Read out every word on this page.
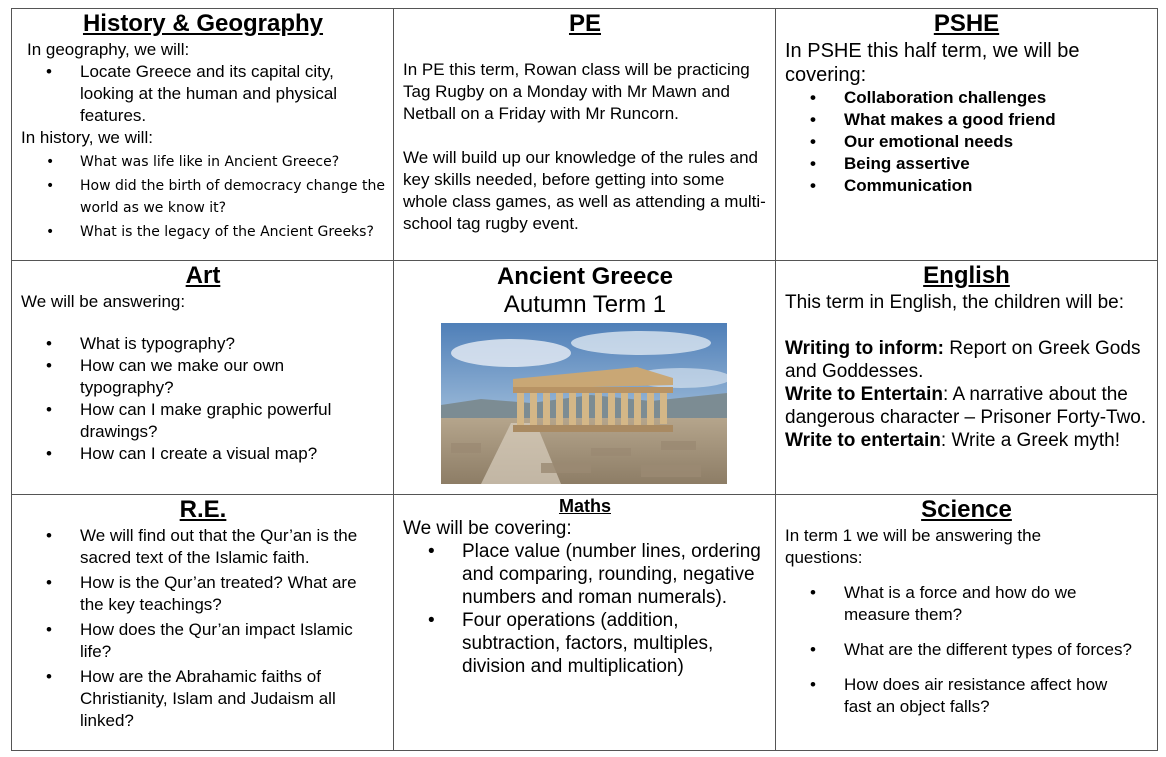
History & Geography

In geography, we will:

• Locate Greece and its capital city, looking at the human and physical features.

In history, we will:

• What was life like in Ancient Greece?
• How did the birth of democracy change the world as we know it?
• What is the legacy of the Ancient Greeks?
PE

In PE this term, Rowan class will be practicing Tag Rugby on a Monday with Mr Mawn and Netball on a Friday with Mr Runcorn.

We will build up our knowledge of the rules and key skills needed, before getting into some whole class games, as well as attending a multi-school tag rugby event.

PSHE

In PSHE this half term, we will be covering:

• Collaboration challenges
• What makes a good friend
• Our emotional needs
• Being assertive
• Communication
Art

We will be answering:

• What is typography?
• How can we make our own typography?
• How can I make graphic powerful drawings?
• How can I create a visual map?
Ancient Greece
Autumn Term 1
English

This term in English, the children will be:

Writing to inform: Report on Greek Gods and Goddesses.

Write to Entertain: A narrative about the dangerous character – Prisoner Forty-Two.

Write to entertain: Write a Greek myth!

R.E.
• We will find out that the Qur’an is the sacred text of the Islamic faith.
• How is the Qur’an treated? What are the key teachings?
• How does the Qur’an impact Islamic life?
• How are the Abrahamic faiths of Christianity, Islam and Judaism all linked?
Maths

We will be covering:

• Place value (number lines, ordering and comparing, rounding, negative numbers and roman numerals).
• Four operations (addition, subtraction, factors, multiples, division and multiplication)
Science

In term 1 we will be answering the questions:

• What is a force and how do we measure them?
• What are the different types of forces?
• How does air resistance affect how fast an object falls?
